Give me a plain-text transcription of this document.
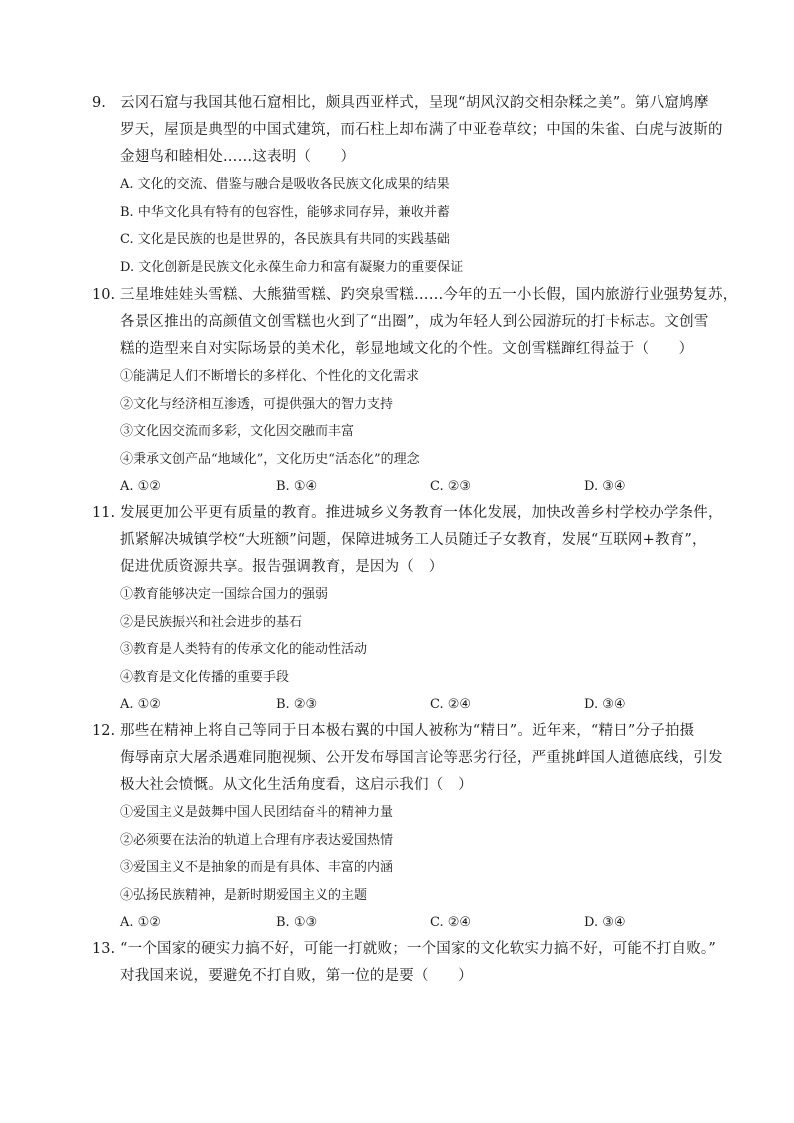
9. 云冈石窟与我国其他石窟相比，颇具西亚样式，呈现“胡风汉韵交相杂糅之美”。第八窟鸠摩
罗天，屋顶是典型的中国式建筑，而石柱上却布满了中亚卷草纹；中国的朱雀、白虎与波斯的
金翅鸟和睦相处……这表明（　　）
A. 文化的交流、借鉴与融合是吸收各民族文化成果的结果
B. 中华文化具有特有的包容性，能够求同存异，兼收并蓄
C. 文化是民族的也是世界的，各民族具有共同的实践基础
D. 文化创新是民族文化永葆生命力和富有凝聚力的重要保证
10. 三星堆娃娃头雪糕、大熊猫雪糕、趵突泉雪糕……今年的五一小长假，国内旅游行业强势复苏，
各景区推出的高颜值文创雪糕也火到了“出圈”，成为年轻人到公园游玩的打卡标志。文创雪
糕的造型来自对实际场景的美术化，彰显地域文化的个性。文创雪糕蹿红得益于（　　）
①能满足人们不断增长的多样化、个性化的文化需求
②文化与经济相互渗透，可提供强大的智力支持
③文化因交流而多彩，文化因交融而丰富
④秉承文创产品“地域化”，文化历史“活态化”的理念
A. ①②	B. ①④	C. ②③	D. ③④
11. 发展更加公平更有质量的教育。推进城乡义务教育一体化发展，加快改善乡村学校办学条件，
抓紧解决城镇学校“大班额”问题，保障进城务工人员随迁子女教育，发展“互联网+教育”，
促进优质资源共享。报告强调教育，是因为（　）
①教育能够决定一国综合国力的强弱
②是民族振兴和社会进步的基石
③教育是人类特有的传承文化的能动性活动
④教育是文化传播的重要手段
A. ①②	B. ②③	C. ②④	D. ③④
12. 那些在精神上将自己等同于日本极右翼的中国人被称为“精日”。近年来，“精日”分子拍摄
侮辱南京大屠杀遇难同胞视频、公开发布辱国言论等恶劣行径，严重挑衅国人道德底线，引发
极大社会愤慨。从文化生活角度看，这启示我们（　）
①爱国主义是鼓舞中国人民团结奋斗的精神力量
②必须要在法治的轨道上合理有序表达爱国热情
③爱国主义不是抽象的而是有具体、丰富的内涵
④弘扬民族精神，是新时期爱国主义的主题
A. ①②	B. ①③	C. ②④	D. ③④
13. “一个国家的硬实力搞不好，可能一打就败；一个国家的文化软实力搞不好，可能不打自败。”
对我国来说，要避免不打自败，第一位的是要（　　）
